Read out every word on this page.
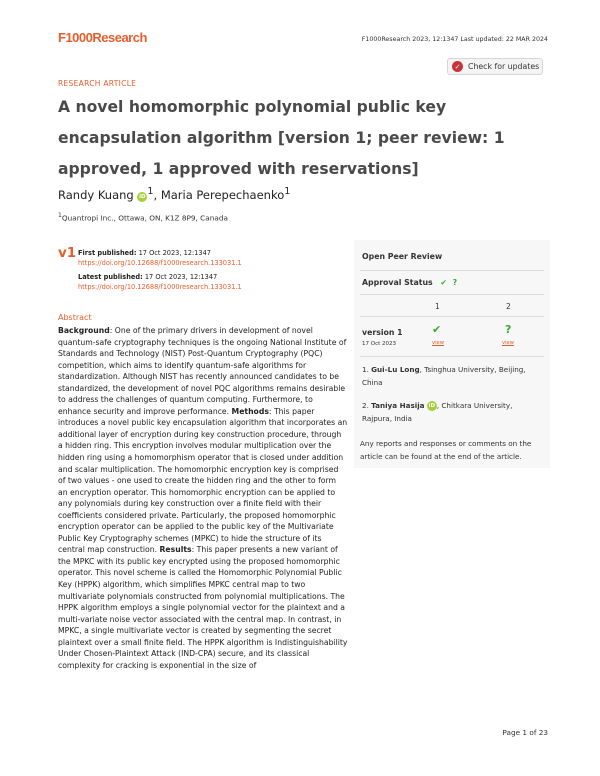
F1000Research	F1000Research 2023, 12:1347 Last updated: 22 MAR 2024
RESEARCH ARTICLE
✓ Check for updates
A novel homomorphic polynomial public key encapsulation algorithm [version 1; peer review: 1 approved, 1 approved with reservations]
Randy Kuang iD $^1$, Maria Perepechaenko$^1$
$^1$Quantropi Inc., Ottawa, ON, K1Z 8P9, Canada
v1 First published: 17 Oct 2023, 12:1347
https://doi.org/10.12688/f1000research.133031.1
Latest published: 17 Oct 2023, 12:1347
https://doi.org/10.12688/f1000research.133031.1
Abstract
Background: One of the primary drivers in development of novel quantum-safe cryptography techniques is the ongoing National Institute of Standards and Technology (NIST) Post-Quantum Cryptography (PQC) competition, which aims to identify quantum-safe algorithms for standardization. Although NIST has recently announced candidates to be standardized, the development of novel PQC algorithms remains desirable to address the challenges of quantum computing. Furthermore, to enhance security and improve performance. Methods: This paper introduces a novel public key encapsulation algorithm that incorporates an additional layer of encryption during key construction procedure, through a hidden ring. This encryption involves modular multiplication over the hidden ring using a homomorphism operator that is closed under addition and scalar multiplication. The homomorphic encryption key is comprised of two values - one used to create the hidden ring and the other to form an encryption operator. This homomorphic encryption can be applied to any polynomials during key construction over a finite field with their coefficients considered private. Particularly, the proposed homomorphic encryption operator can be applied to the public key of the Multivariate Public Key Cryptography schemes (MPKC) to hide the structure of its central map construction. Results: This paper presents a new variant of the MPKC with its public key encrypted using the proposed homomorphic operator. This novel scheme is called the Homomorphic Polynomial Public Key (HPPK) algorithm, which simplifies MPKC central map to two multivariate polynomials constructed from polynomial multiplications. The HPPK algorithm employs a single polynomial vector for the plaintext and a multi-variate noise vector associated with the central map. In contrast, in MPKC, a single multivariate vector is created by segmenting the secret plaintext over a small finite field. The HPPK algorithm is Indistinguishability Under Chosen-Plaintext Attack (IND-CPA) secure, and its classical complexity for cracking is exponential in the size of
Open Peer Review
Approval Status ✔ ?
1	2
version 1
17 Oct 2023
✔
view
?
view
1. Gui-Lu Long, Tsinghua University, Beijing, China
2. Taniya Hasija iD , Chitkara University, Rajpura, India
Any reports and responses or comments on the article can be found at the end of the article.
Page 1 of 23
